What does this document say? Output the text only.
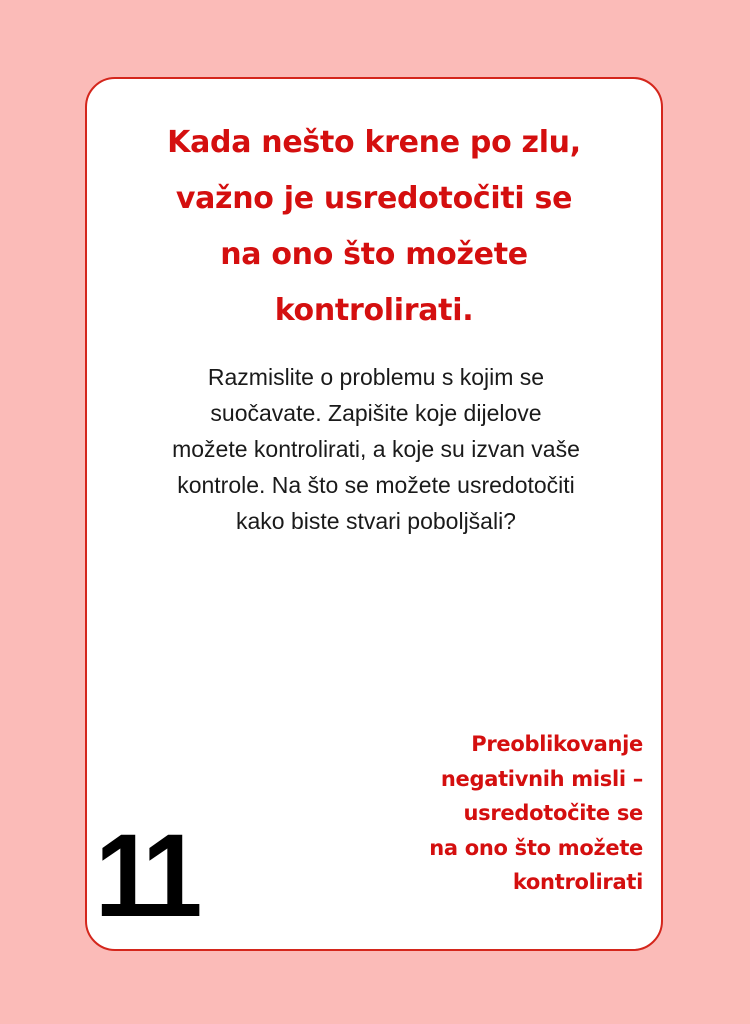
Kada nešto krene po zlu,
važno je usredotočiti se
na ono što možete
kontrolirati.

Razmislite o problemu s kojim se
suočavate. Zapišite koje dijelove
možete kontrolirati, a koje su izvan vaše
kontrole. Na što se možete usredotočiti
kako biste stvari poboljšali?

11

Preoblikovanje
negativnih misli –
usredotočite se
na ono što možete
kontrolirati
